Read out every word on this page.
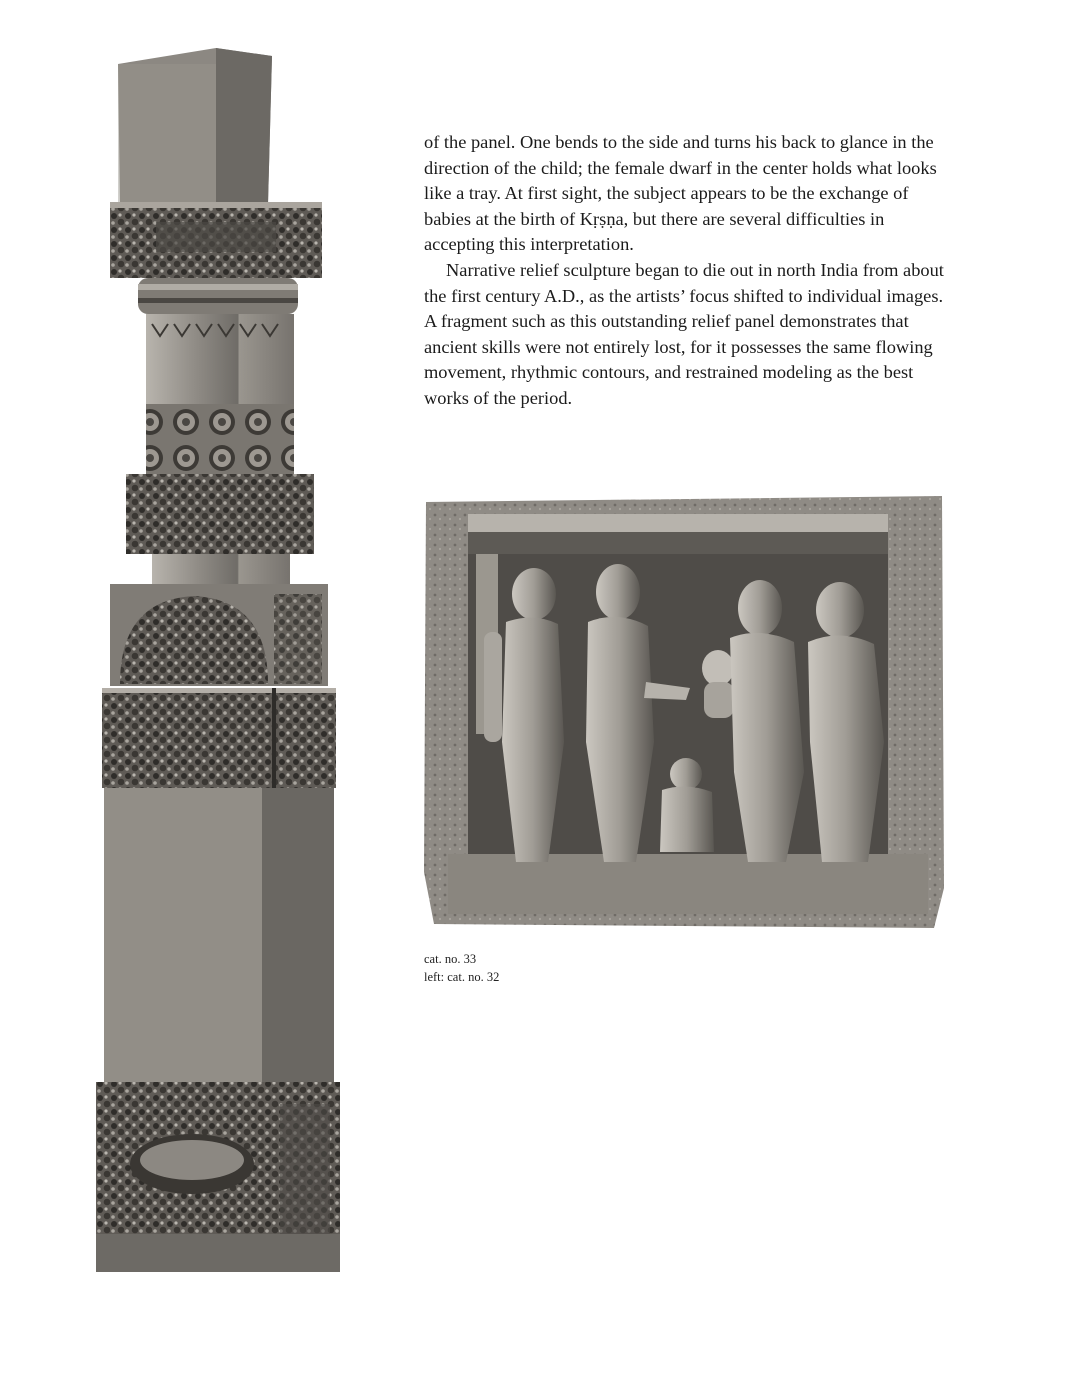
of the panel. One bends to the side and turns his back to glance in the direction of the child; the female dwarf in the center holds what looks like a tray. At first sight, the subject appears to be the exchange of babies at the birth of Kṛṣṇa, but there are several difficulties in accepting this interpretation.

Narrative relief sculpture began to die out in north India from about the first century A.D., as the artists’ focus shifted to individual images. A fragment such as this outstanding relief panel demonstrates that ancient skills were not entirely lost, for it possesses the same flowing movement, rhythmic contours, and restrained modeling as the best works of the period.

cat. no. 33
left: cat. no. 32
